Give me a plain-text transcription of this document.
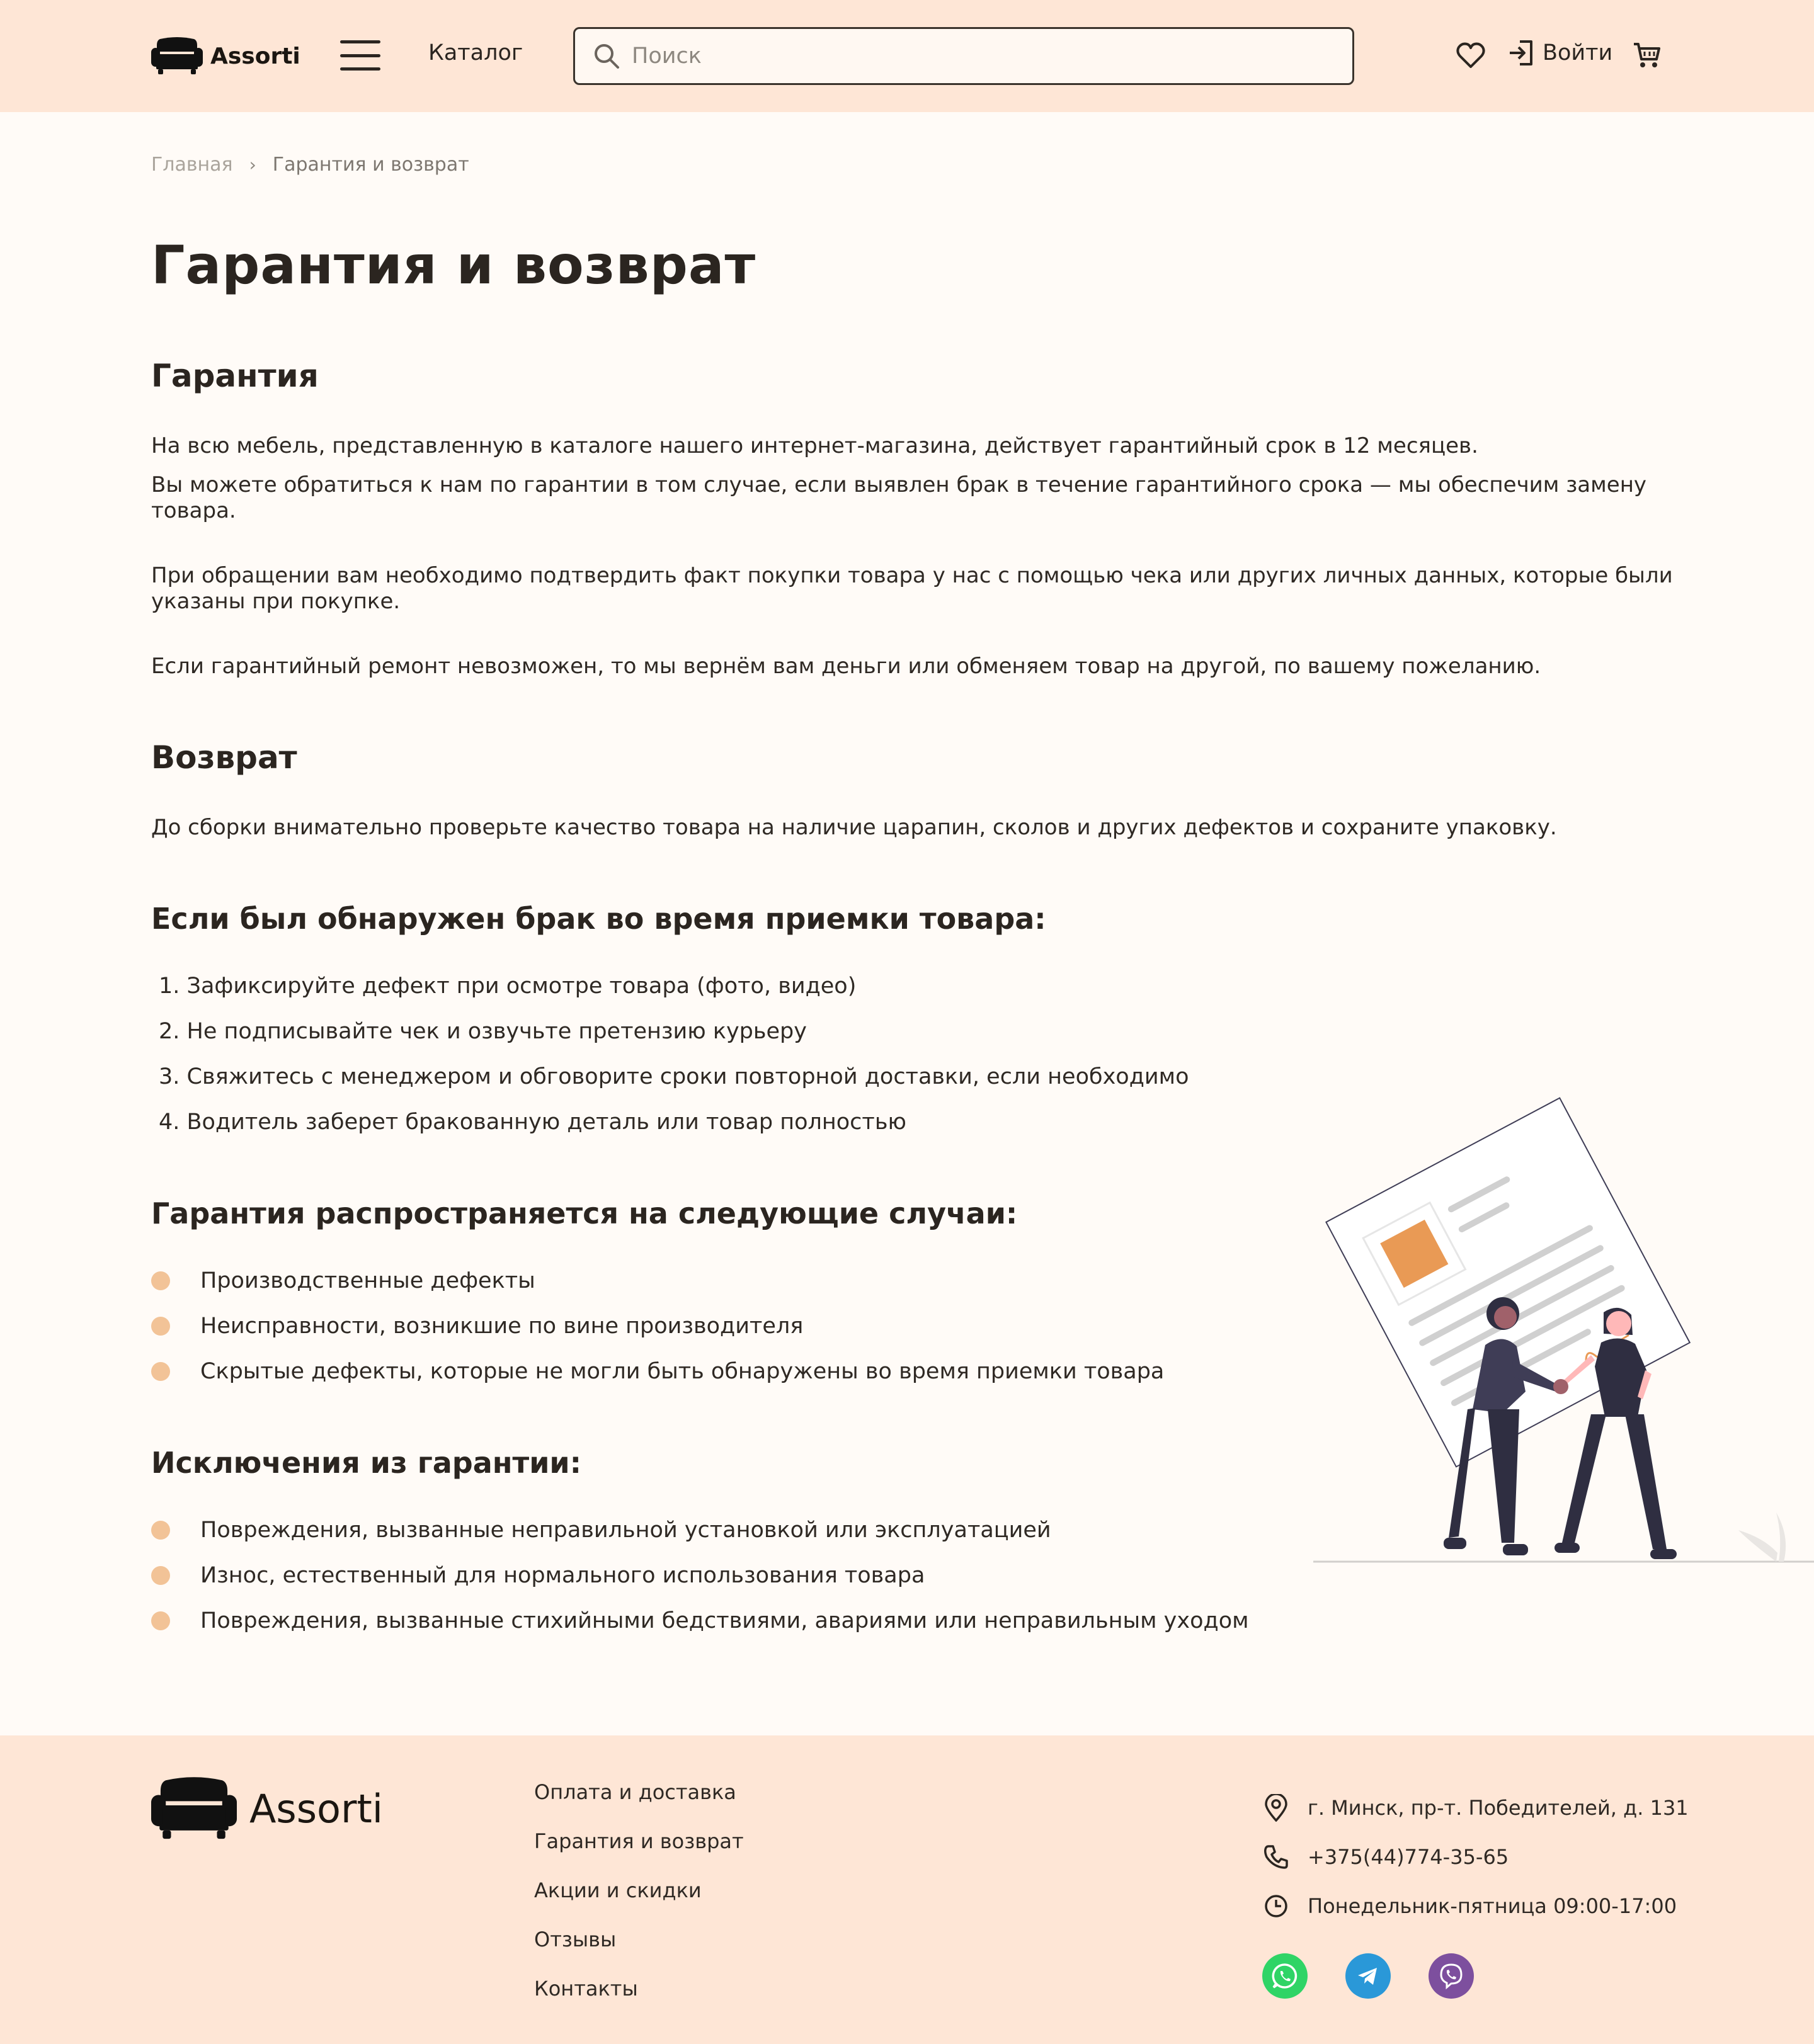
Assorti	Каталог
Поиск	Войти
Главная › Гарантия и возврат
Гарантия и возврат
Гарантия

На всю мебель, представленную в каталоге нашего интернет-магазина, действует гарантийный срок в 12 месяцев.

Вы можете обратиться к нам по гарантии в том случае, если выявлен брак в течение гарантийного срока — мы обеспечим замену товара.

При обращении вам необходимо подтвердить факт покупки товара у нас с помощью чека или других личных данных, которые были указаны при покупке.

Если гарантийный ремонт невозможен, то мы вернём вам деньги или обменяем товар на другой, по вашему пожеланию.

Возврат

До сборки внимательно проверьте качество товара на наличие царапин, сколов и других дефектов и сохраните упаковку.

Если был обнаружен брак во время приемки товара:
1. Зафиксируйте дефект при осмотре товара (фото, видео)
2. Не подписывайте чек и озвучьте претензию курьеру
3. Свяжитесь с менеджером и обговорите сроки повторной доставки, если необходимо
4. Водитель заберет бракованную деталь или товар полностью
Гарантия распространяется на следующие случаи:
Производственные дефекты
Неисправности, возникшие по вине производителя
Скрытые дефекты, которые не могли быть обнаружены во время приемки товара
Исключения из гарантии:
Повреждения, вызванные неправильной установкой или эксплуатацией
Износ, естественный для нормального использования товара
Повреждения, вызванные стихийными бедствиями, авариями или неправильным уходом
Assorti	Оплата и доставка
Гарантия и возврат
Акции и скидки
Отзывы
Контакты
г. Минск, пр-т. Победителей, д. 131
+375(44)774-35-65
Понедельник-пятница 09:00-17:00
